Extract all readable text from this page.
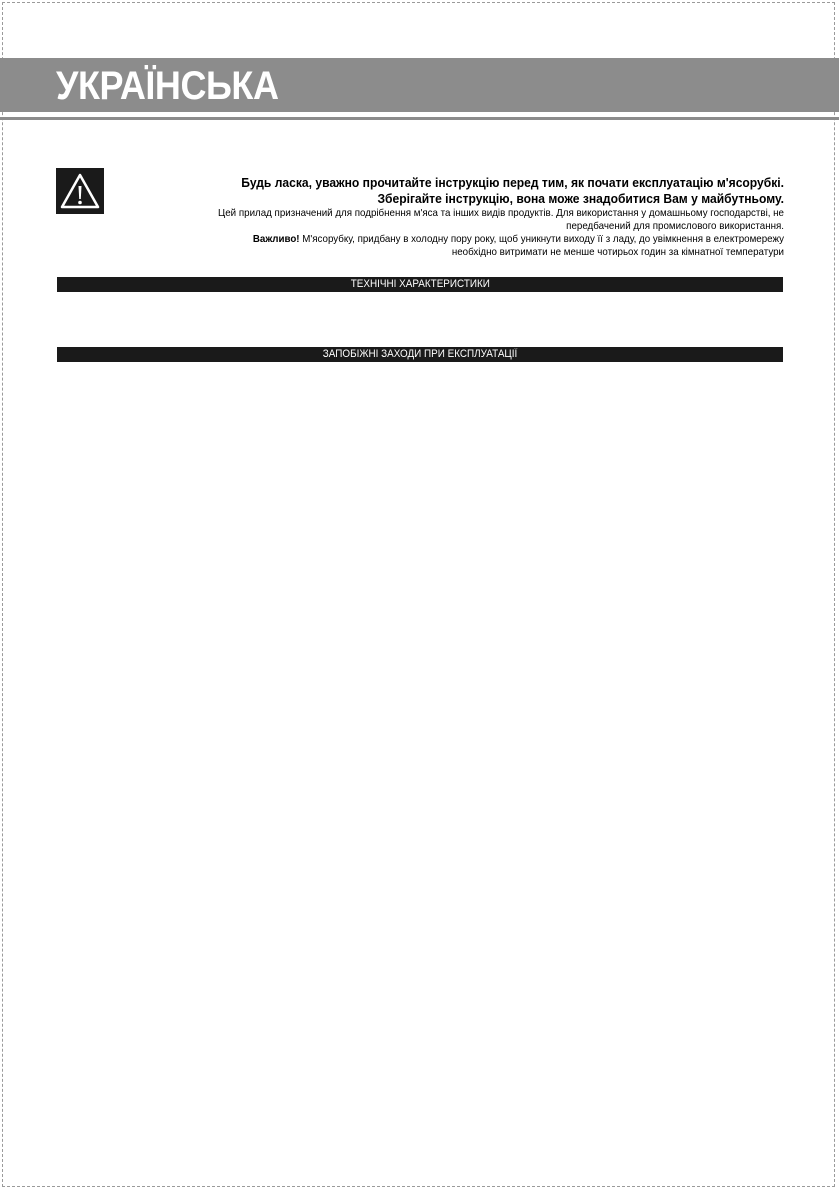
УКРАЇНСЬКА
Будь ласка, уважно прочитайте інструкцію перед тим, як почати експлуатацію м'ясорубкі.
Зберігайте інструкцію, вона може знадобитися Вам у майбутньому.
Цей прилад призначений для подрібнення м'яса та інших видів продуктів. Для використання у домашньому господарстві, не
передбачений для промислового використання.
Важливо! М'ясорубку, придбану в холодну пору року, щоб уникнути виходу її з ладу, до увімкнення в електромережу
необхідно витримати не менше чотирьох годин за кімнатної температури
ТЕХНІЧНІ ХАРАКТЕРИСТИКИ
ЗАПОБІЖНІ ЗАХОДИ ПРИ ЕКСПЛУАТАЦІЇ
